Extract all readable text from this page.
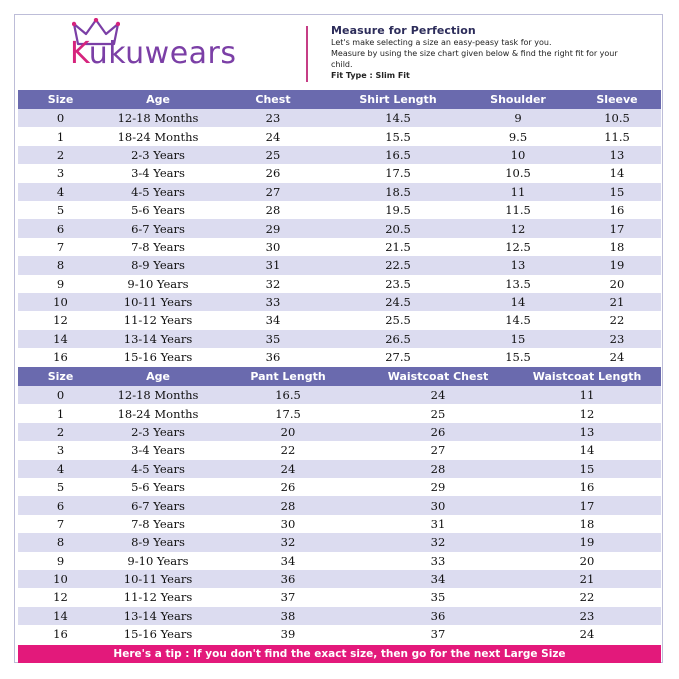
Kukuwears
Measure for Perfection
Let's make selecting a size an easy-peasy task for you.
Measure by using the size chart given below & find the right fit for your
child.
Fit Type : Slim Fit
Size	Age	Chest	Shirt Length	Shoulder	Sleeve
0	12-18 Months	23	14.5	9	10.5
1	18-24 Months	24	15.5	9.5	11.5
2	2-3 Years	25	16.5	10	13
3	3-4 Years	26	17.5	10.5	14
4	4-5 Years	27	18.5	11	15
5	5-6 Years	28	19.5	11.5	16
6	6-7 Years	29	20.5	12	17
7	7-8 Years	30	21.5	12.5	18
8	8-9 Years	31	22.5	13	19
9	9-10 Years	32	23.5	13.5	20
10	10-11 Years	33	24.5	14	21
12	11-12 Years	34	25.5	14.5	22
14	13-14 Years	35	26.5	15	23
16	15-16 Years	36	27.5	15.5	24
Size	Age	Pant Length	Waistcoat Chest	Waistcoat Length
0	12-18 Months	16.5	24	11
1	18-24 Months	17.5	25	12
2	2-3 Years	20	26	13
3	3-4 Years	22	27	14
4	4-5 Years	24	28	15
5	5-6 Years	26	29	16
6	6-7 Years	28	30	17
7	7-8 Years	30	31	18
8	8-9 Years	32	32	19
9	9-10 Years	34	33	20
10	10-11 Years	36	34	21
12	11-12 Years	37	35	22
14	13-14 Years	38	36	23
16	15-16 Years	39	37	24
Here's a tip : If you don't find the exact size, then go for the next Large Size
